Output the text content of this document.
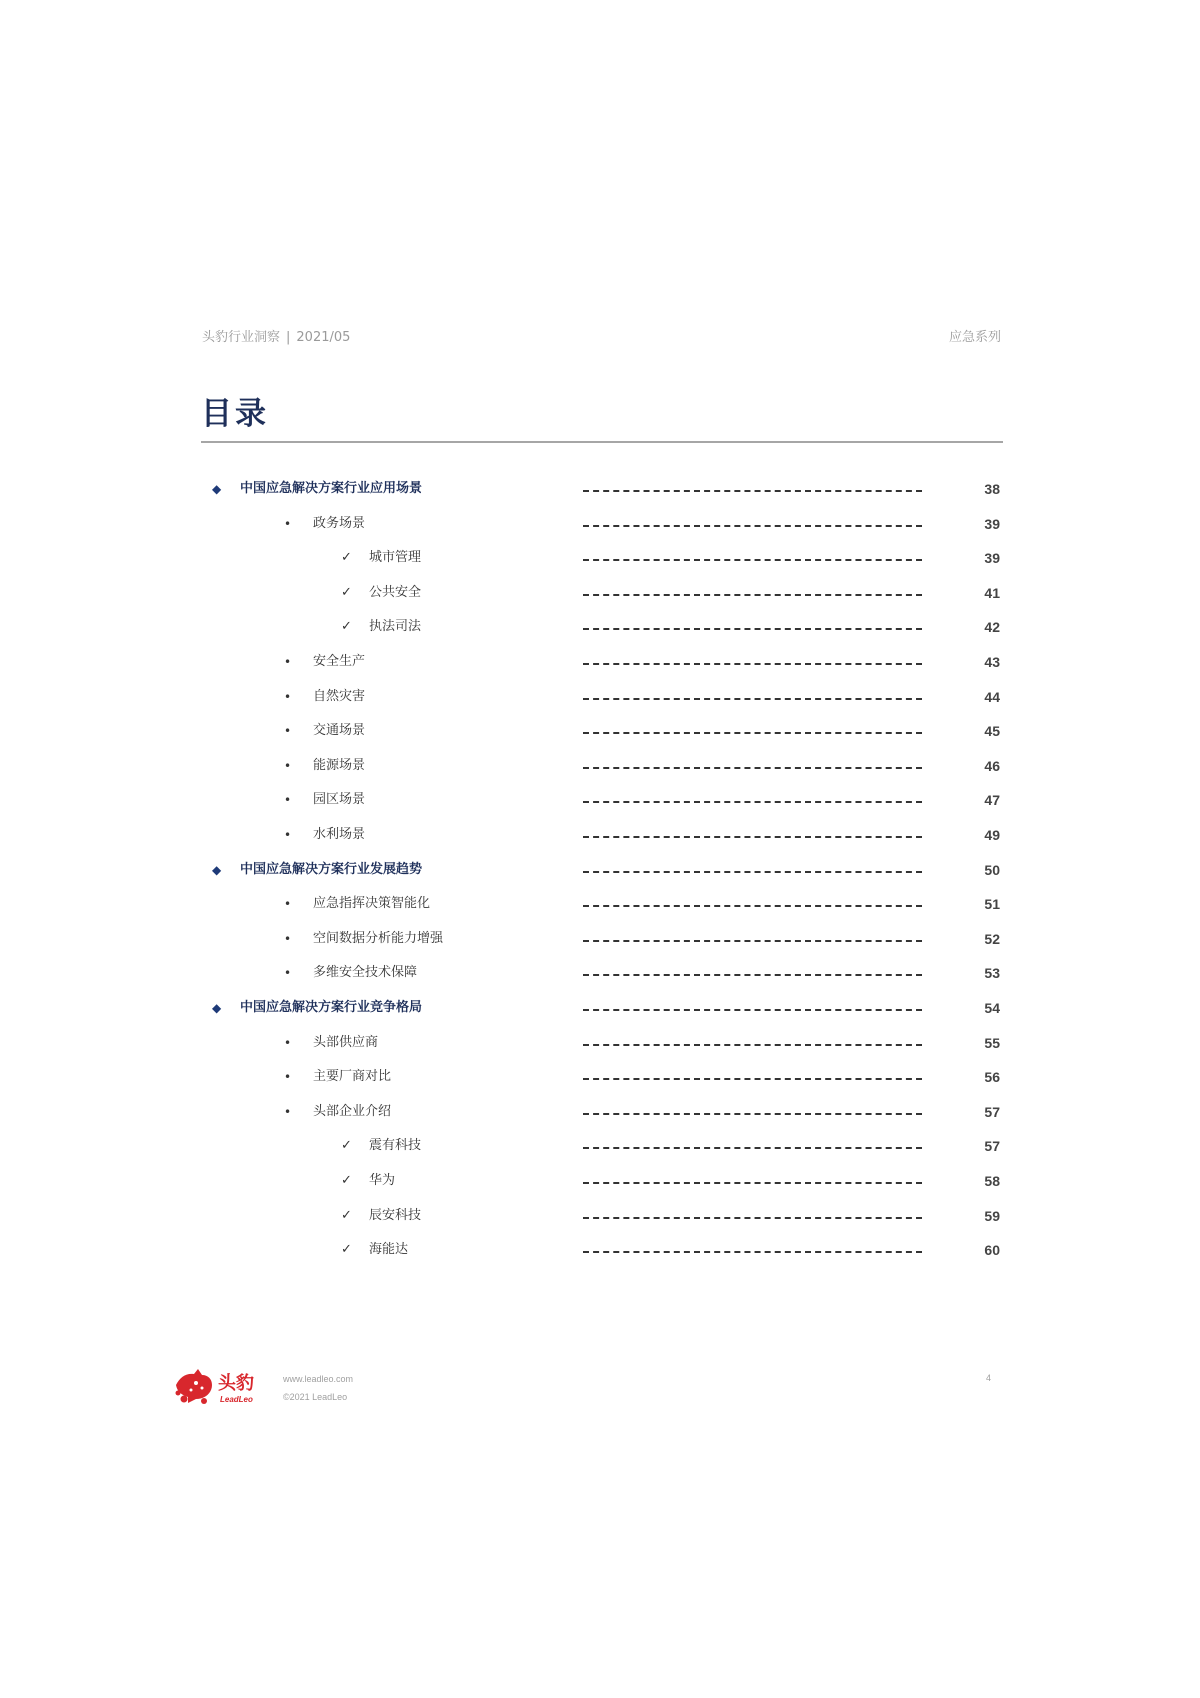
头豹行业洞察 | 2021/05	应急系列
目录
◆ 中国应急解决方案行业应用场景	38
• 政务场景	39
✓ 城市管理	39
✓ 公共安全	41
✓ 执法司法	42
• 安全生产	43
• 自然灾害	44
• 交通场景	45
• 能源场景	46
• 园区场景	47
• 水利场景	49
◆ 中国应急解决方案行业发展趋势	50
• 应急指挥决策智能化	51
• 空间数据分析能力增强	52
• 多维安全技术保障	53
◆ 中国应急解决方案行业竞争格局	54
• 头部供应商	55
• 主要厂商对比	56
• 头部企业介绍	57
✓ 震有科技	57
✓ 华为	58
✓ 辰安科技	59
✓ 海能达	60
头豹
LeadLeo
www.leadleo.com
©2021 LeadLeo
4
